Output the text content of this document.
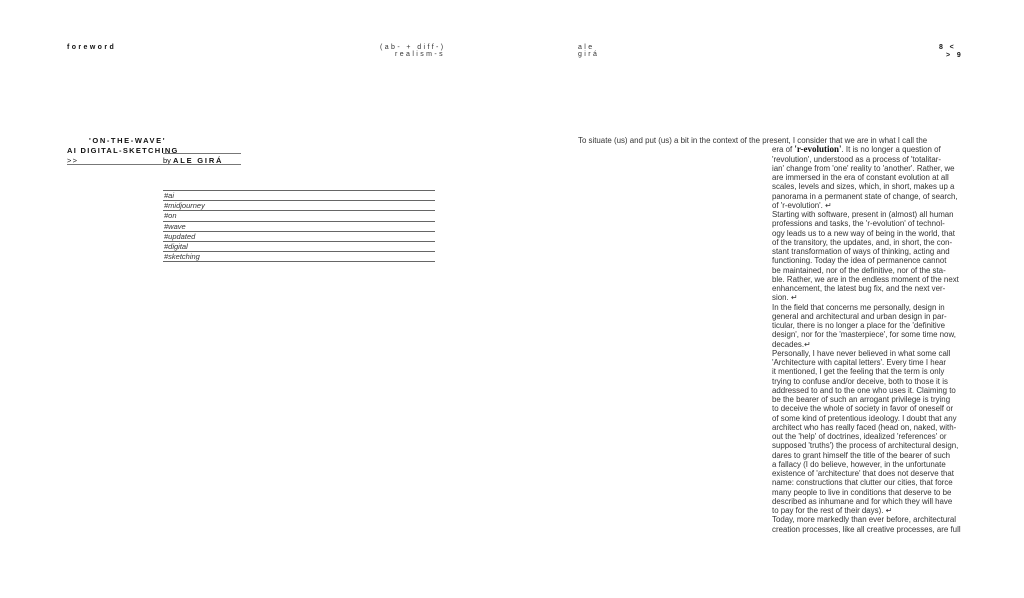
foreword	(ab- + diff-)
realism-s
ale
girá
8 <
> 9
'ON-THE-WAVE'
AI DIGITAL-SKETCHING
>>	by ALE GIRÁ
#ai
#midjourney
#on
#wave
#updated
#digital
#sketching
To situate (us) and put (us) a bit in the context of the present, I consider that we are in what I call the
era of 'r-evolution'. It is no longer a question of
'revolution', understood as a process of 'totalitar-
ian' change from 'one' reality to 'another'. Rather, we
are immersed in the era of constant evolution at all
scales, levels and sizes, which, in short, makes up a
panorama in a permanent state of change, of search,
of 'r-evolution'. ↵
Starting with software, present in (almost) all human
professions and tasks, the 'r-evolution' of technol-
ogy leads us to a new way of being in the world, that
of the transitory, the updates, and, in short, the con-
stant transformation of ways of thinking, acting and
functioning. Today the idea of permanence cannot
be maintained, nor of the definitive, nor of the sta-
ble. Rather, we are in the endless moment of the next
enhancement, the latest bug fix, and the next ver-
sion. ↵
In the field that concerns me personally, design in
general and architectural and urban design in par-
ticular, there is no longer a place for the 'definitive
design', nor for the 'masterpiece', for some time now,
decades.↵
Personally, I have never believed in what some call
'Architecture with capital letters'. Every time I hear
it mentioned, I get the feeling that the term is only
trying to confuse and/or deceive, both to those it is
addressed to and to the one who uses it. Claiming to
be the bearer of such an arrogant privilege is trying
to deceive the whole of society in favor of oneself or
of some kind of pretentious ideology. I doubt that any
architect who has really faced (head on, naked, with-
out the 'help' of doctrines, idealized 'references' or
supposed 'truths') the process of architectural design,
dares to grant himself the title of the bearer of such
a fallacy (I do believe, however, in the unfortunate
existence of 'architecture' that does not deserve that
name: constructions that clutter our cities, that force
many people to live in conditions that deserve to be
described as inhumane and for which they will have
to pay for the rest of their days). ↵
Today, more markedly than ever before, architectural
creation processes, like all creative processes, are full
